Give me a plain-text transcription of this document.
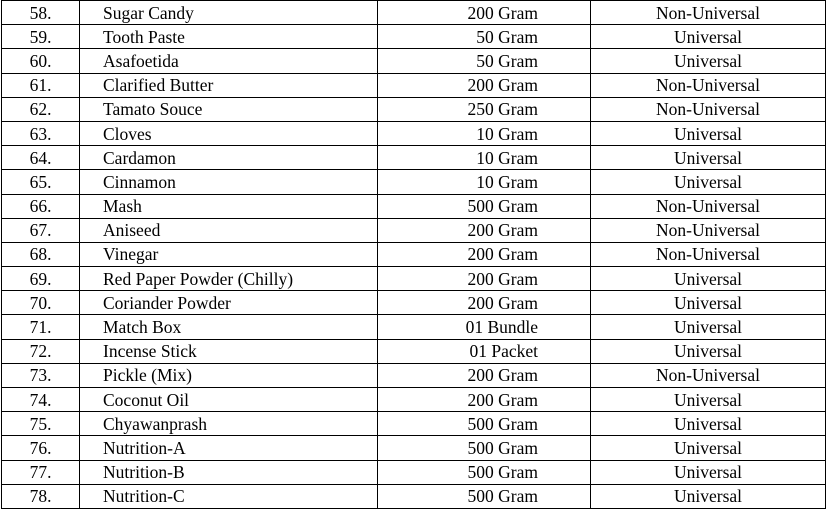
58.	Sugar Candy	200 Gram	Non-Universal
59.	Tooth Paste	50 Gram	Universal
60.	Asafoetida	50 Gram	Universal
61.	Clarified Butter	200 Gram	Non-Universal
62.	Tamato Souce	250 Gram	Non-Universal
63.	Cloves	10 Gram	Universal
64.	Cardamon	10 Gram	Universal
65.	Cinnamon	10 Gram	Universal
66.	Mash	500 Gram	Non-Universal
67.	Aniseed	200 Gram	Non-Universal
68.	Vinegar	200 Gram	Non-Universal
69.	Red Paper Powder (Chilly)	200 Gram	Universal
70.	Coriander Powder	200 Gram	Universal
71.	Match Box	01 Bundle	Universal
72.	Incense Stick	01 Packet	Universal
73.	Pickle (Mix)	200 Gram	Non-Universal
74.	Coconut Oil	200 Gram	Universal
75.	Chyawanprash	500 Gram	Universal
76.	Nutrition-A	500 Gram	Universal
77.	Nutrition-B	500 Gram	Universal
78.	Nutrition-C	500 Gram	Universal
